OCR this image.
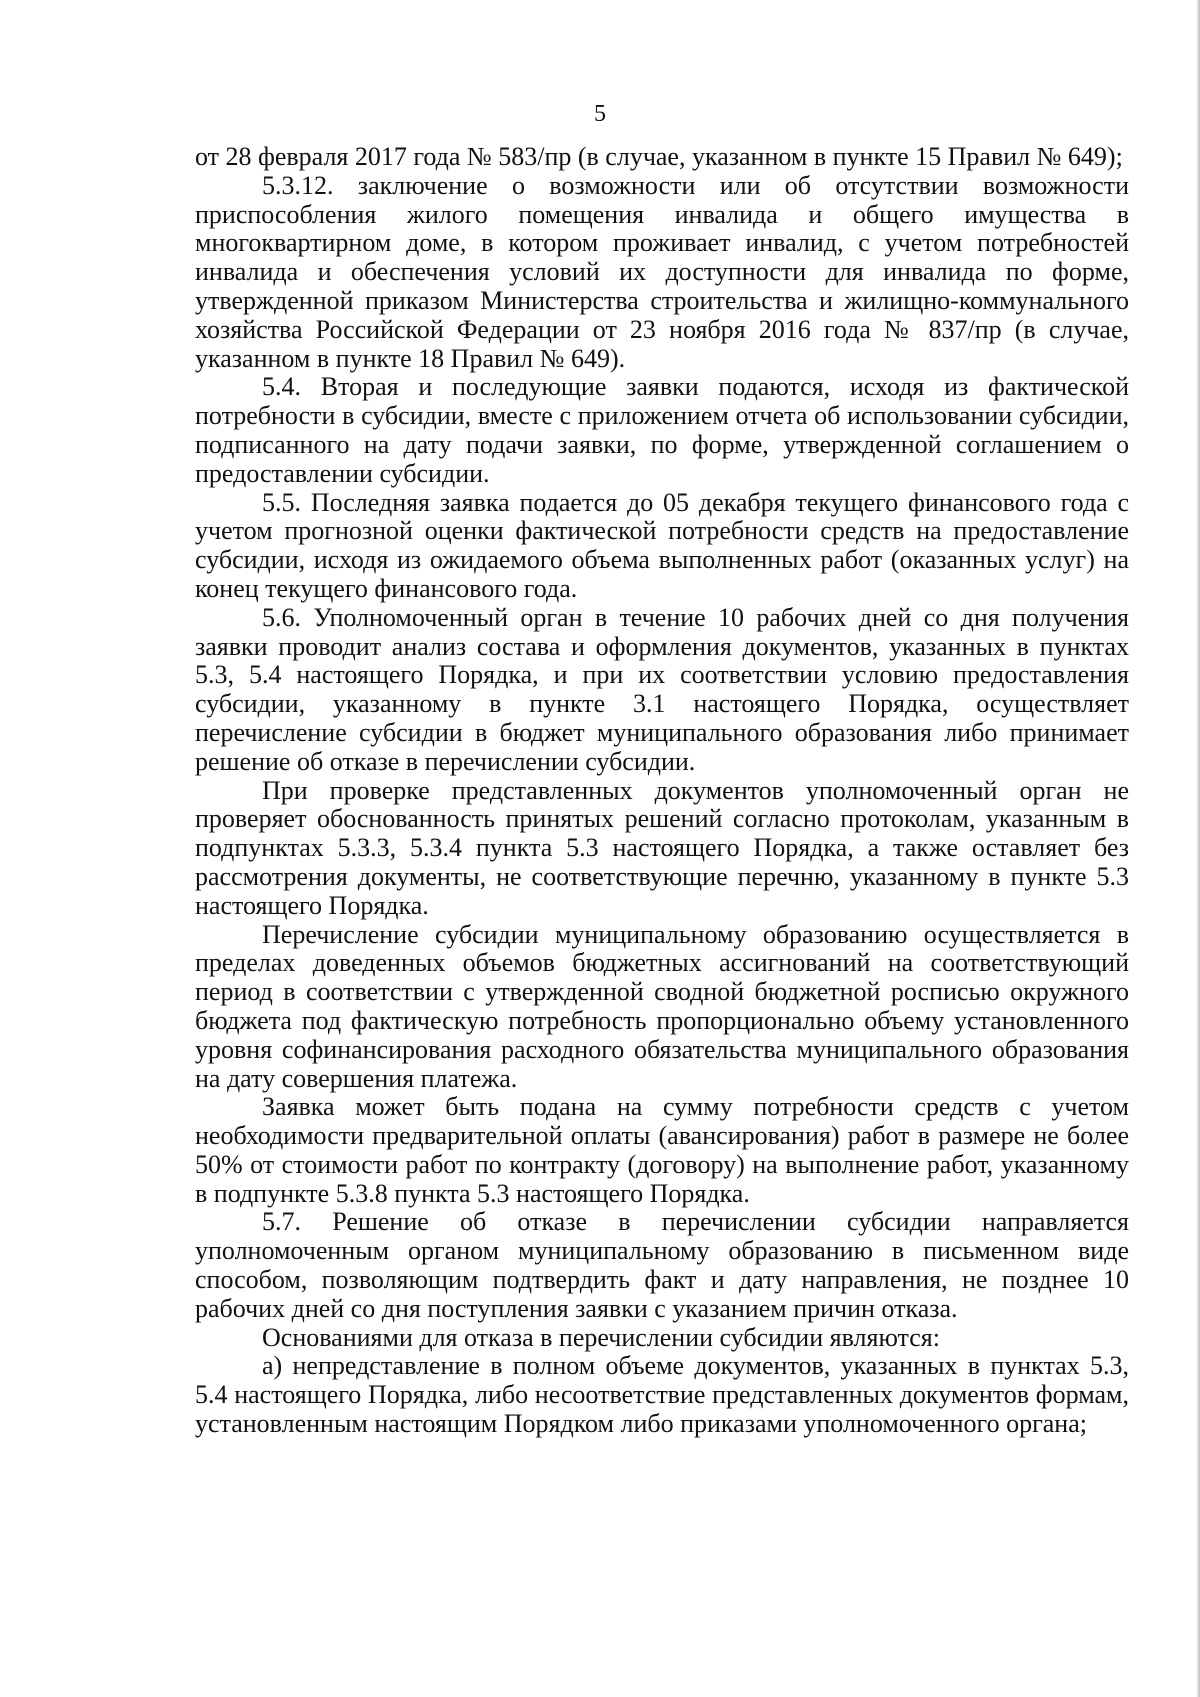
5

от 28 февраля 2017 года № 583/пр (в случае, указанном в пункте 15 Правил № 649);

5.3.12. заключение о возможности или об отсутствии возможности приспособления жилого помещения инвалида и общего имущества в многоквартирном доме, в котором проживает инвалид, с учетом потребностей инвалида и обеспечения условий их доступности для инвалида по форме, утвержденной приказом Министерства строительства и жилищно-коммунального хозяйства Российской Федерации от 23 ноября 2016 года № 837/пр (в случае, указанном в пункте 18 Правил № 649).

5.4. Вторая и последующие заявки подаются, исходя из фактической потребности в субсидии, вместе с приложением отчета об использовании субсидии, подписанного на дату подачи заявки, по форме, утвержденной соглашением о предоставлении субсидии.

5.5. Последняя заявка подается до 05 декабря текущего финансового года с учетом прогнозной оценки фактической потребности средств на предоставление субсидии, исходя из ожидаемого объема выполненных работ (оказанных услуг) на конец текущего финансового года.

5.6. Уполномоченный орган в течение 10 рабочих дней со дня получения заявки проводит анализ состава и оформления документов, указанных в пунктах 5.3, 5.4 настоящего Порядка, и при их соответствии условию предоставления субсидии, указанному в пункте 3.1 настоящего Порядка, осуществляет перечисление субсидии в бюджет муниципального образования либо принимает решение об отказе в перечислении субсидии.

При проверке представленных документов уполномоченный орган не проверяет обоснованность принятых решений согласно протоколам, указанным в подпунктах 5.3.3, 5.3.4 пункта 5.3 настоящего Порядка, а также оставляет без рассмотрения документы, не соответствующие перечню, указанному в пункте 5.3 настоящего Порядка.

Перечисление субсидии муниципальному образованию осуществляется в пределах доведенных объемов бюджетных ассигнований на соответствующий период в соответствии с утвержденной сводной бюджетной росписью окружного бюджета под фактическую потребность пропорционально объему установленного уровня софинансирования расходного обязательства муниципального образования на дату совершения платежа.

Заявка может быть подана на сумму потребности средств с учетом необходимости предварительной оплаты (авансирования) работ в размере не более 50% от стоимости работ по контракту (договору) на выполнение работ, указанному в подпункте 5.3.8 пункта 5.3 настоящего Порядка.

5.7. Решение об отказе в перечислении субсидии направляется уполномоченным органом муниципальному образованию в письменном виде способом, позволяющим подтвердить факт и дату направления, не позднее 10 рабочих дней со дня поступления заявки с указанием причин отказа.

Основаниями для отказа в перечислении субсидии являются:

а) непредставление в полном объеме документов, указанных в пунктах 5.3, 5.4 настоящего Порядка, либо несоответствие представленных документов формам, установленным настоящим Порядком либо приказами уполномоченного органа;
